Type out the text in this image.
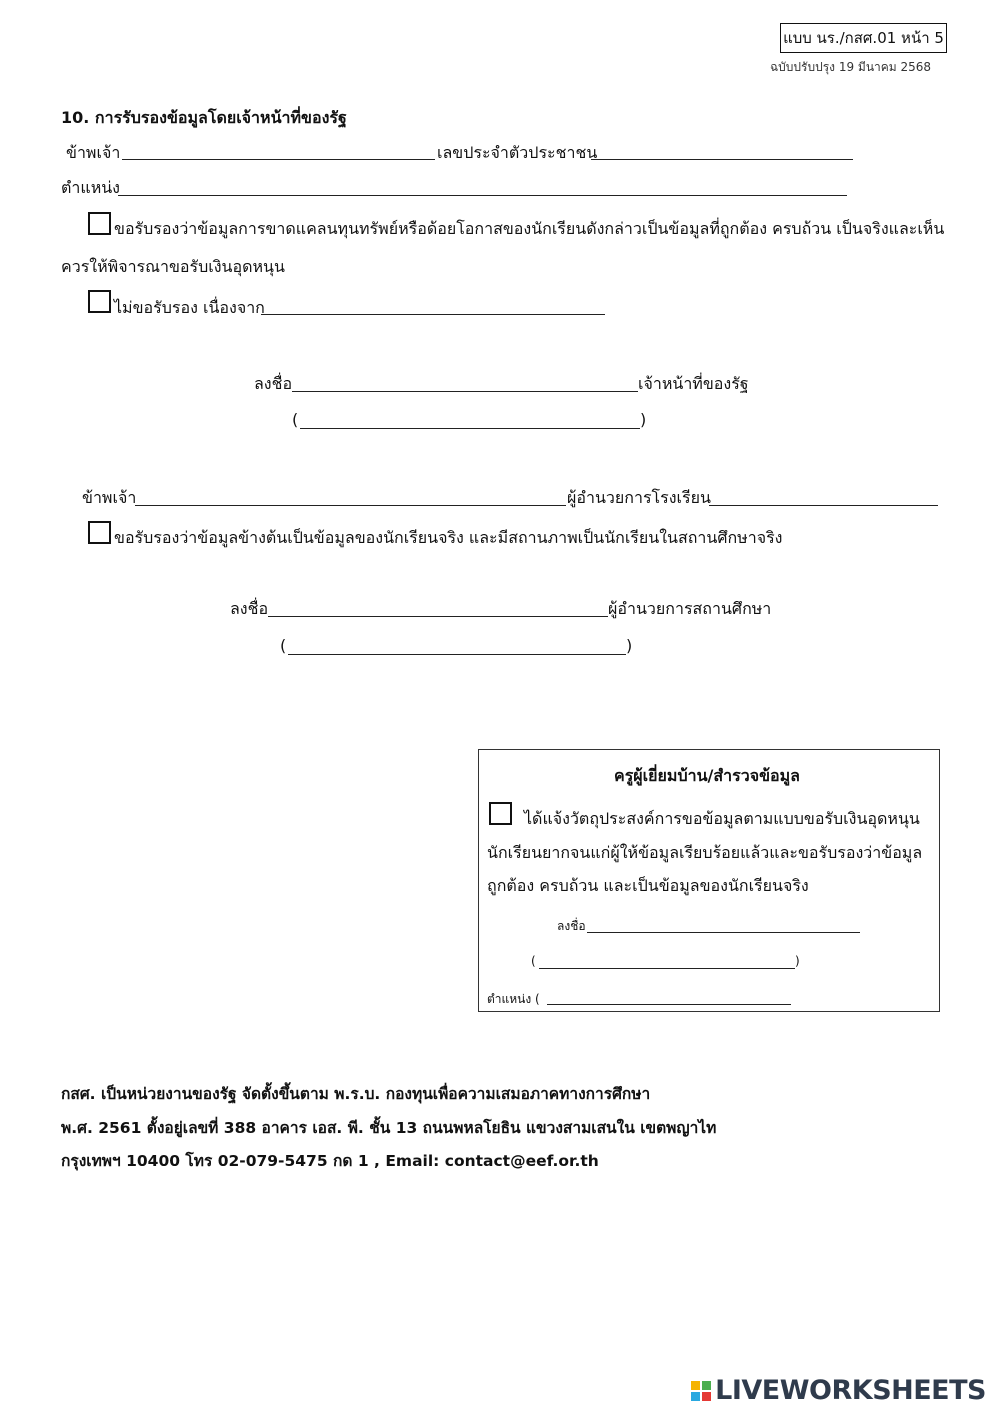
แบบ นร./กสศ.01 หน้า 5
ฉบับปรับปรุง 19 มีนาคม 2568
10. การรับรองข้อมูลโดยเจ้าหน้าที่ของรัฐ
ข้าพเจ้า	เลขประจำตัวประชาชน
ตำแหน่ง
ขอรับรองว่าข้อมูลการขาดแคลนทุนทรัพย์หรือด้อยโอกาสของนักเรียนดังกล่าวเป็นข้อมูลที่ถูกต้อง ครบถ้วน เป็นจริงและเห็น
ควรให้พิจารณาขอรับเงินอุดหนุน
ไม่ขอรับรอง เนื่องจาก
ลงชื่อ	เจ้าหน้าที่ของรัฐ
(	)
ข้าพเจ้า	ผู้อำนวยการโรงเรียน
ขอรับรองว่าข้อมูลข้างต้นเป็นข้อมูลของนักเรียนจริง และมีสถานภาพเป็นนักเรียนในสถานศึกษาจริง
ลงชื่อ	ผู้อำนวยการสถานศึกษา
(	)
ครูผู้เยี่ยมบ้าน/สำรวจข้อมูล
ได้แจ้งวัตถุประสงค์การขอข้อมูลตามแบบขอรับเงินอุดหนุน
นักเรียนยากจนแก่ผู้ให้ข้อมูลเรียบร้อยแล้วและขอรับรองว่าข้อมูล
ถูกต้อง ครบถ้วน และเป็นข้อมูลของนักเรียนจริง
ลงชื่อ
(	)
ตำแหน่ง (
กสศ. เป็นหน่วยงานของรัฐ จัดตั้งขึ้นตาม พ.ร.บ. กองทุนเพื่อความเสมอภาคทางการศึกษา
พ.ศ. 2561 ตั้งอยู่เลขที่ 388 อาคาร เอส. พี. ชั้น 13 ถนนพหลโยธิน แขวงสามเสนใน เขตพญาไท
กรุงเทพฯ 10400 โทร 02-079-5475 กด 1 , Email: contact@eef.or.th
LIVEWORKSHEETS
